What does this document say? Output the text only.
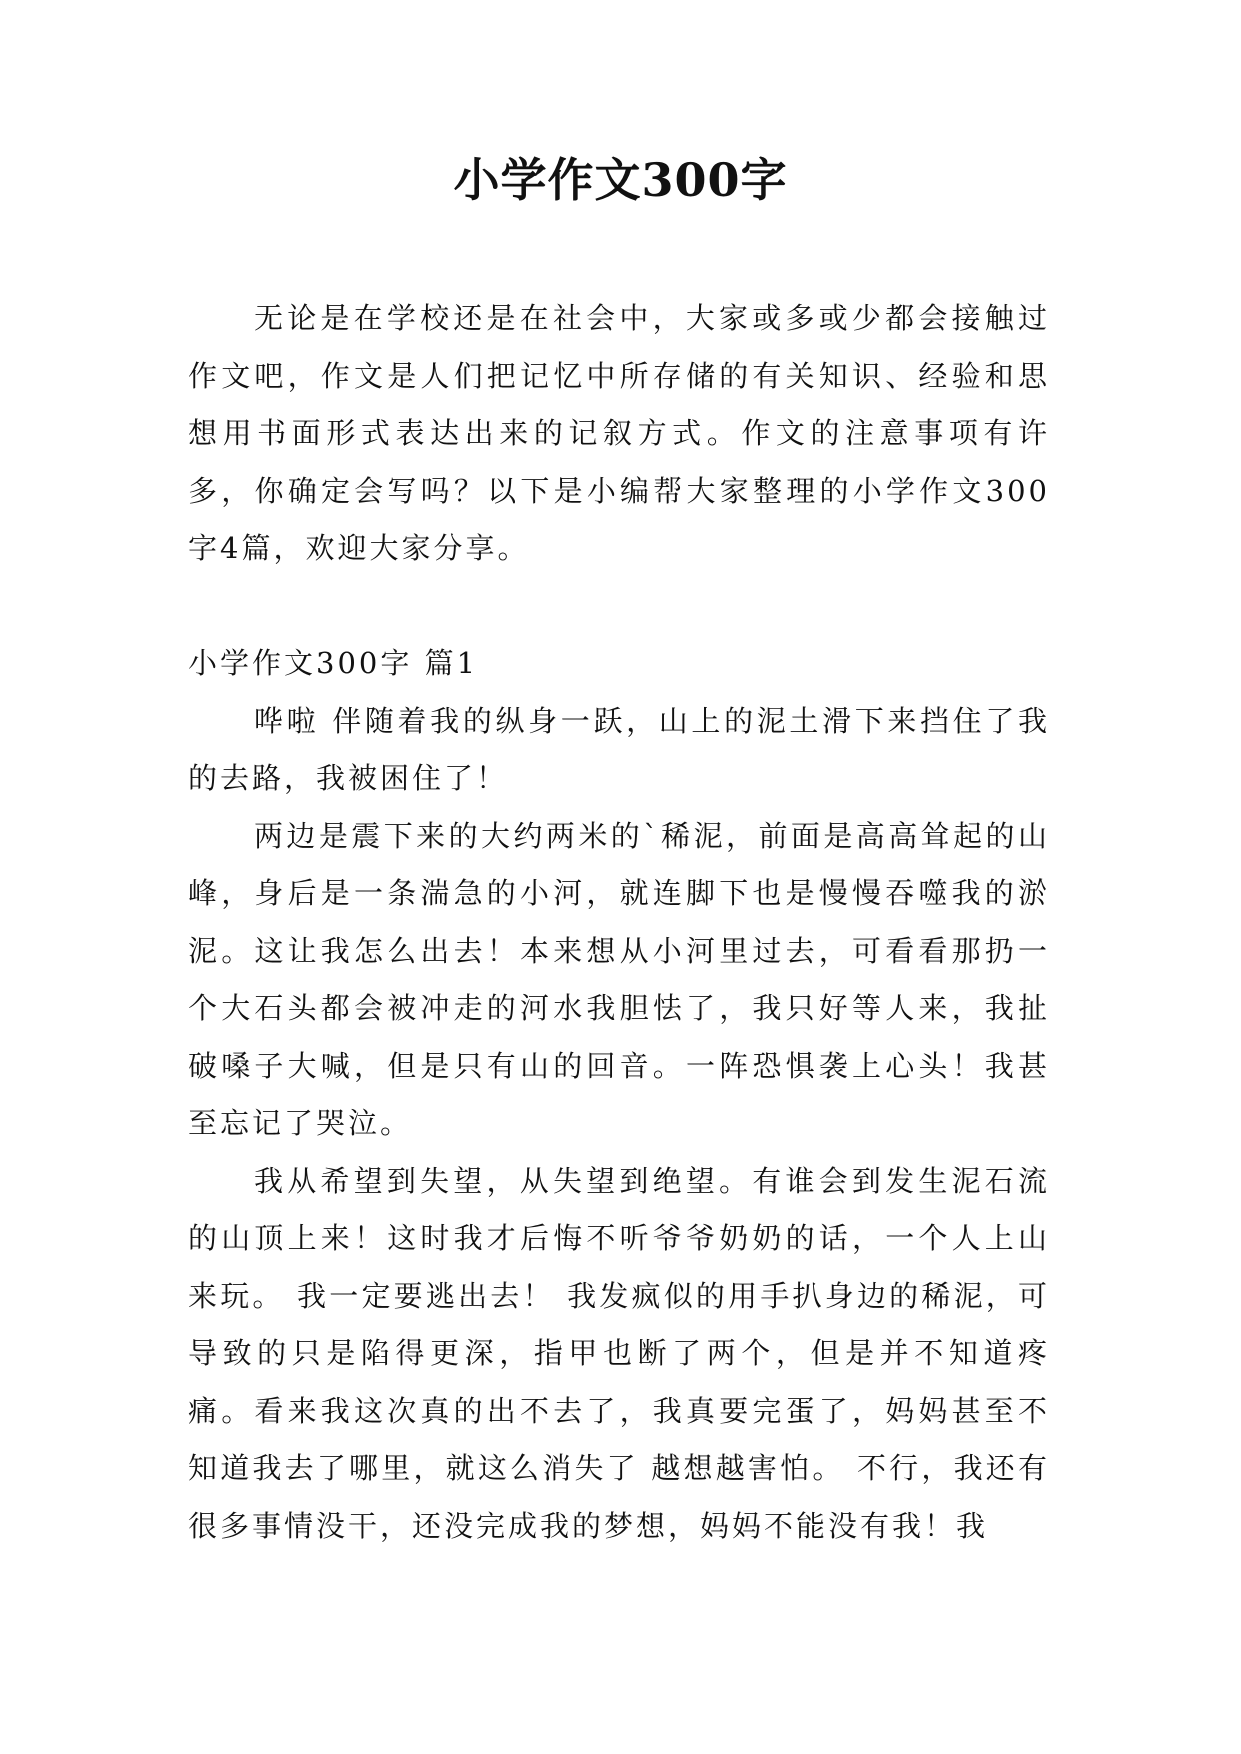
小学作文300字

无论是在学校还是在社会中，大家或多或少都会接触过作文吧，作文是人们把记忆中所存储的有关知识、经验和思想用书面形式表达出来的记叙方式。作文的注意事项有许多，你确定会写吗？以下是小编帮大家整理的小学作文300字4篇，欢迎大家分享。

小学作文300字 篇1

哗啦 伴随着我的纵身一跃，山上的泥土滑下来挡住了我的去路，我被困住了！

两边是震下来的大约两米的`稀泥，前面是高高耸起的山峰，身后是一条湍急的小河，就连脚下也是慢慢吞噬我的淤泥。这让我怎么出去！本来想从小河里过去，可看看那扔一个大石头都会被冲走的河水我胆怯了，我只好等人来，我扯破嗓子大喊，但是只有山的回音。一阵恐惧袭上心头！我甚至忘记了哭泣。

我从希望到失望，从失望到绝望。有谁会到发生泥石流的山顶上来！这时我才后悔不听爷爷奶奶的话，一个人上山来玩。 我一定要逃出去！ 我发疯似的用手扒身边的稀泥，可导致的只是陷得更深，指甲也断了两个，但是并不知道疼痛。看来我这次真的出不去了，我真要完蛋了，妈妈甚至不知道我去了哪里，就这么消失了 越想越害怕。 不行，我还有很多事情没干，还没完成我的梦想，妈妈不能没有我！我
